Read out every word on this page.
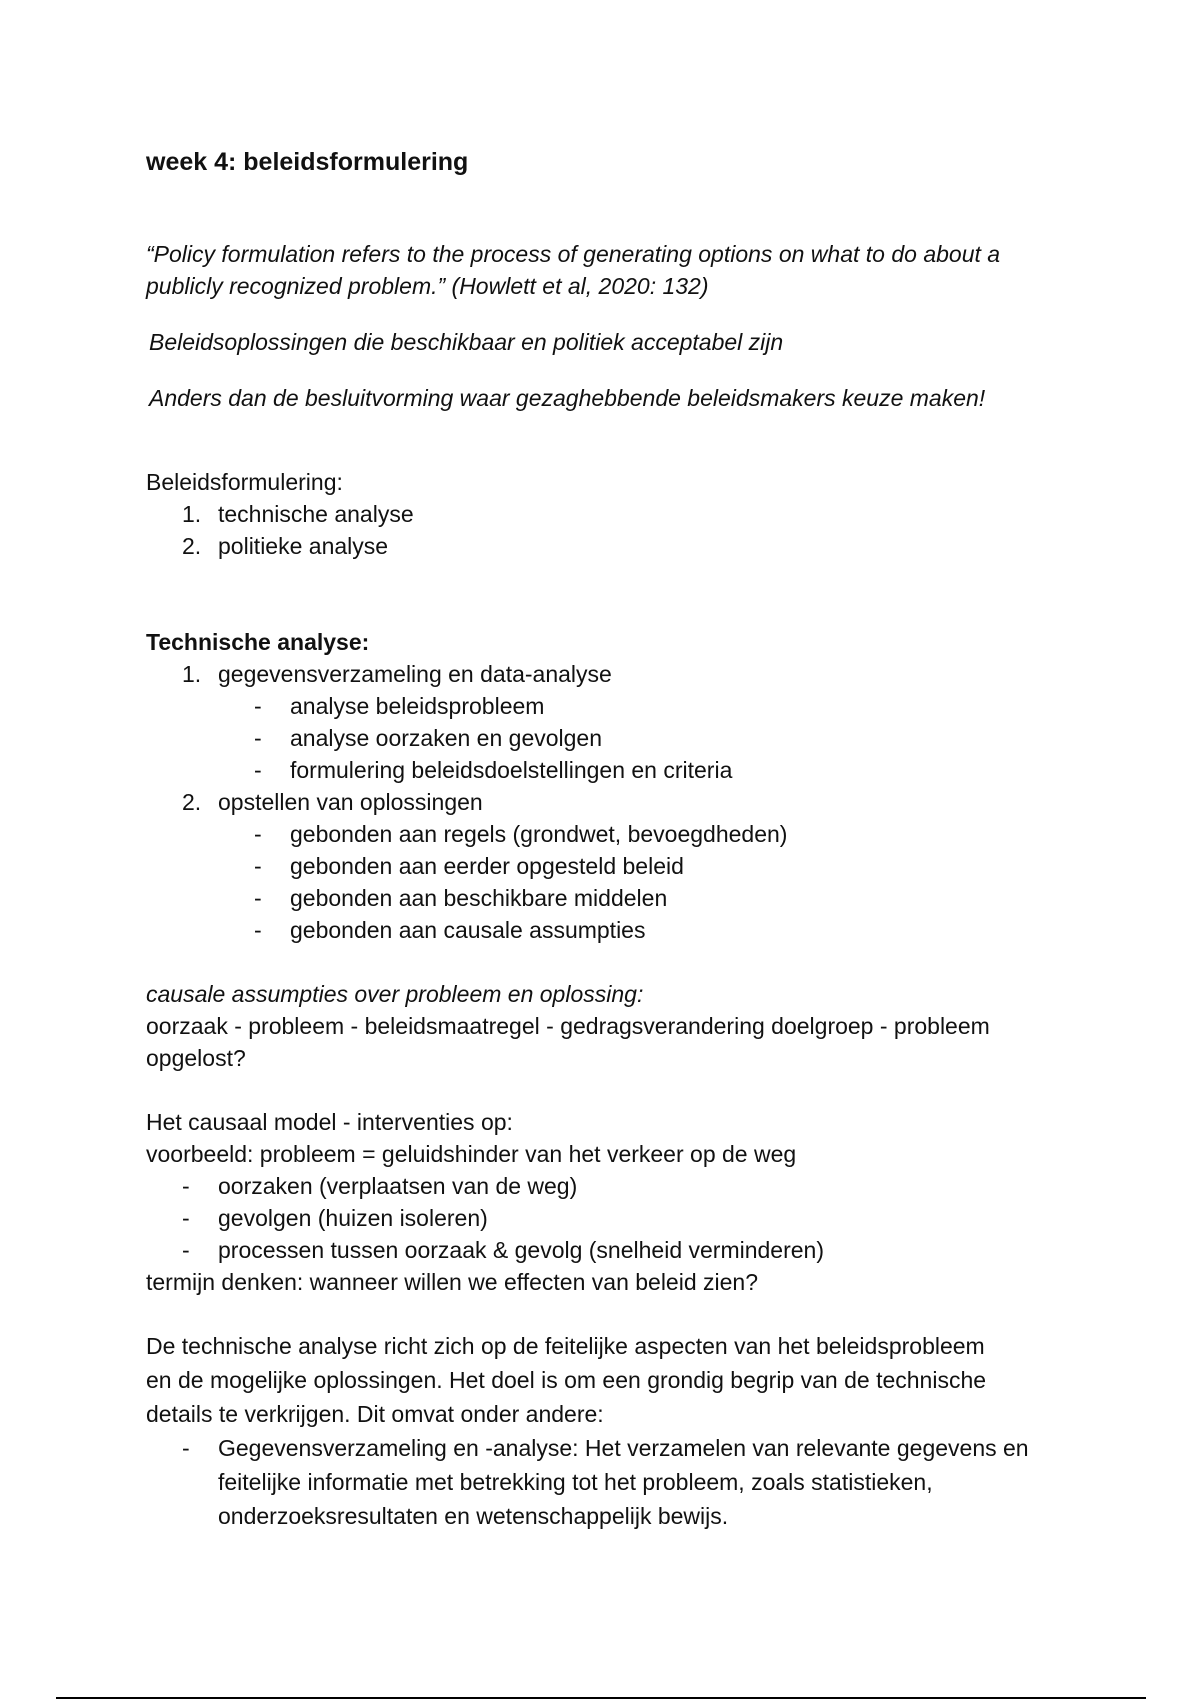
week 4: beleidsformulering
“Policy formulation refers to the process of generating options on what to do about a
publicly recognized problem.” (Howlett et al, 2020: 132)
Beleidsoplossingen die beschikbaar en politiek acceptabel zijn
Anders dan de besluitvorming waar gezaghebbende beleidsmakers keuze maken!
Beleidsformulering:
1. technische analyse
2. politieke analyse
Technische analyse:
1. gegevensverzameling en data-analyse
- analyse beleidsprobleem
- analyse oorzaken en gevolgen
- formulering beleidsdoelstellingen en criteria
2. opstellen van oplossingen
- gebonden aan regels (grondwet, bevoegdheden)
- gebonden aan eerder opgesteld beleid
- gebonden aan beschikbare middelen
- gebonden aan causale assumpties
causale assumpties over probleem en oplossing:
oorzaak - probleem - beleidsmaatregel - gedragsverandering doelgroep - probleem
opgelost?
Het causaal model - interventies op:
voorbeeld: probleem = geluidshinder van het verkeer op de weg
- oorzaken (verplaatsen van de weg)
- gevolgen (huizen isoleren)
- processen tussen oorzaak & gevolg (snelheid verminderen)
termijn denken: wanneer willen we effecten van beleid zien?
De technische analyse richt zich op de feitelijke aspecten van het beleidsprobleem
en de mogelijke oplossingen. Het doel is om een grondig begrip van de technische
details te verkrijgen. Dit omvat onder andere:
- Gegevensverzameling en -analyse: Het verzamelen van relevante gegevens en
feitelijke informatie met betrekking tot het probleem, zoals statistieken,
onderzoeksresultaten en wetenschappelijk bewijs.
